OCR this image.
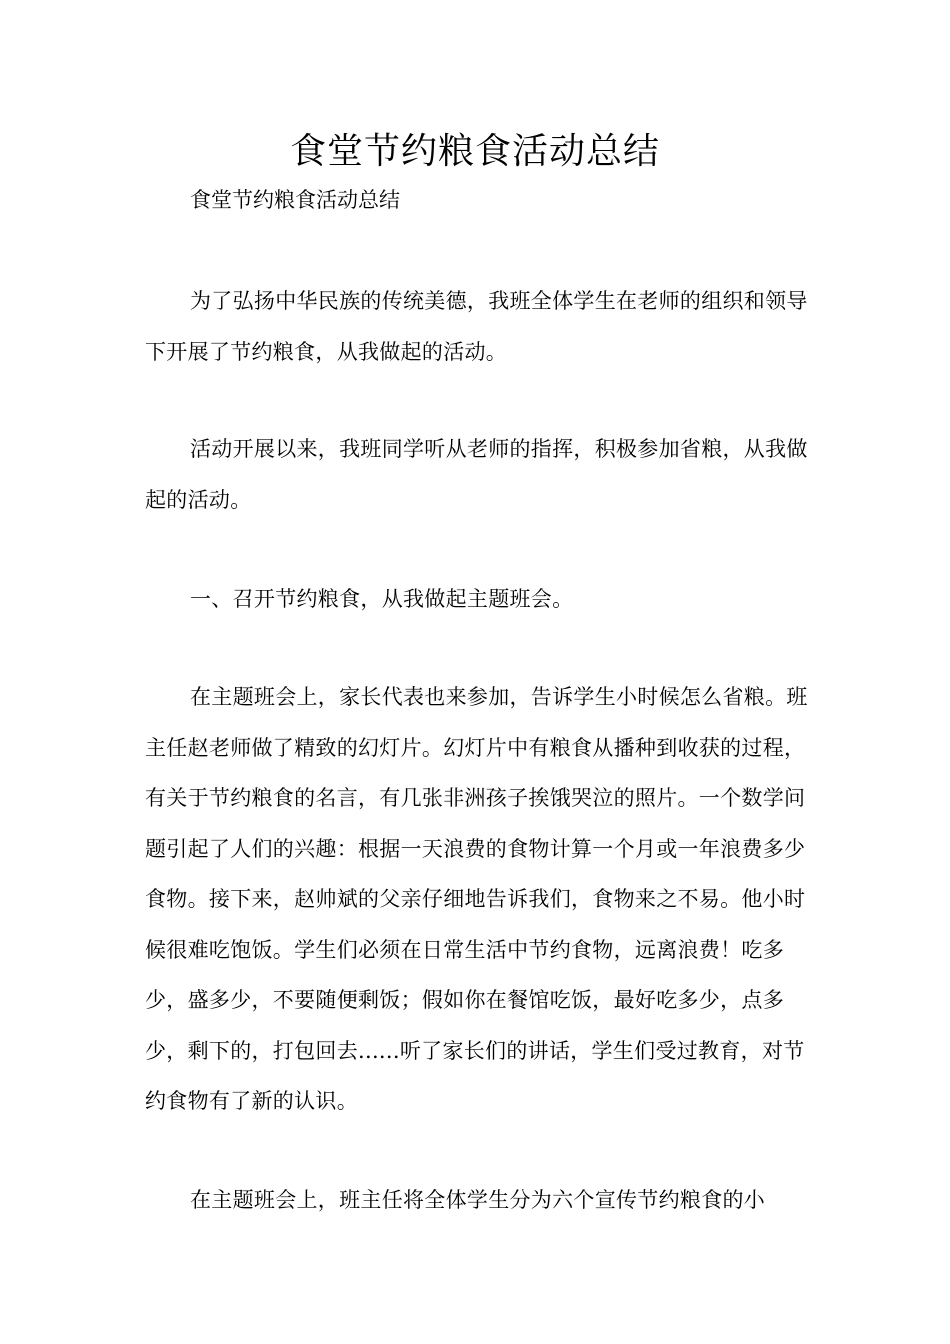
食堂节约粮食活动总结

食堂节约粮食活动总结

为了弘扬中华民族的传统美德，我班全体学生在老师的组织和领导下开展了节约粮食，从我做起的活动。

活动开展以来，我班同学听从老师的指挥，积极参加省粮，从我做起的活动。

一、召开节约粮食，从我做起主题班会。

在主题班会上，家长代表也来参加，告诉学生小时候怎么省粮。班主任赵老师做了精致的幻灯片。幻灯片中有粮食从播种到收获的过程，有关于节约粮食的名言，有几张非洲孩子挨饿哭泣的照片。一个数学问题引起了人们的兴趣：根据一天浪费的食物计算一个月或一年浪费多少食物。接下来，赵帅斌的父亲仔细地告诉我们，食物来之不易。他小时候很难吃饱饭。学生们必须在日常生活中节约食物，远离浪费！吃多少，盛多少，不要随便剩饭；假如你在餐馆吃饭，最好吃多少，点多少，剩下的，打包回去......听了家长们的讲话，学生们受过教育，对节约食物有了新的认识。

在主题班会上，班主任将全体学生分为六个宣传节约粮食的小
